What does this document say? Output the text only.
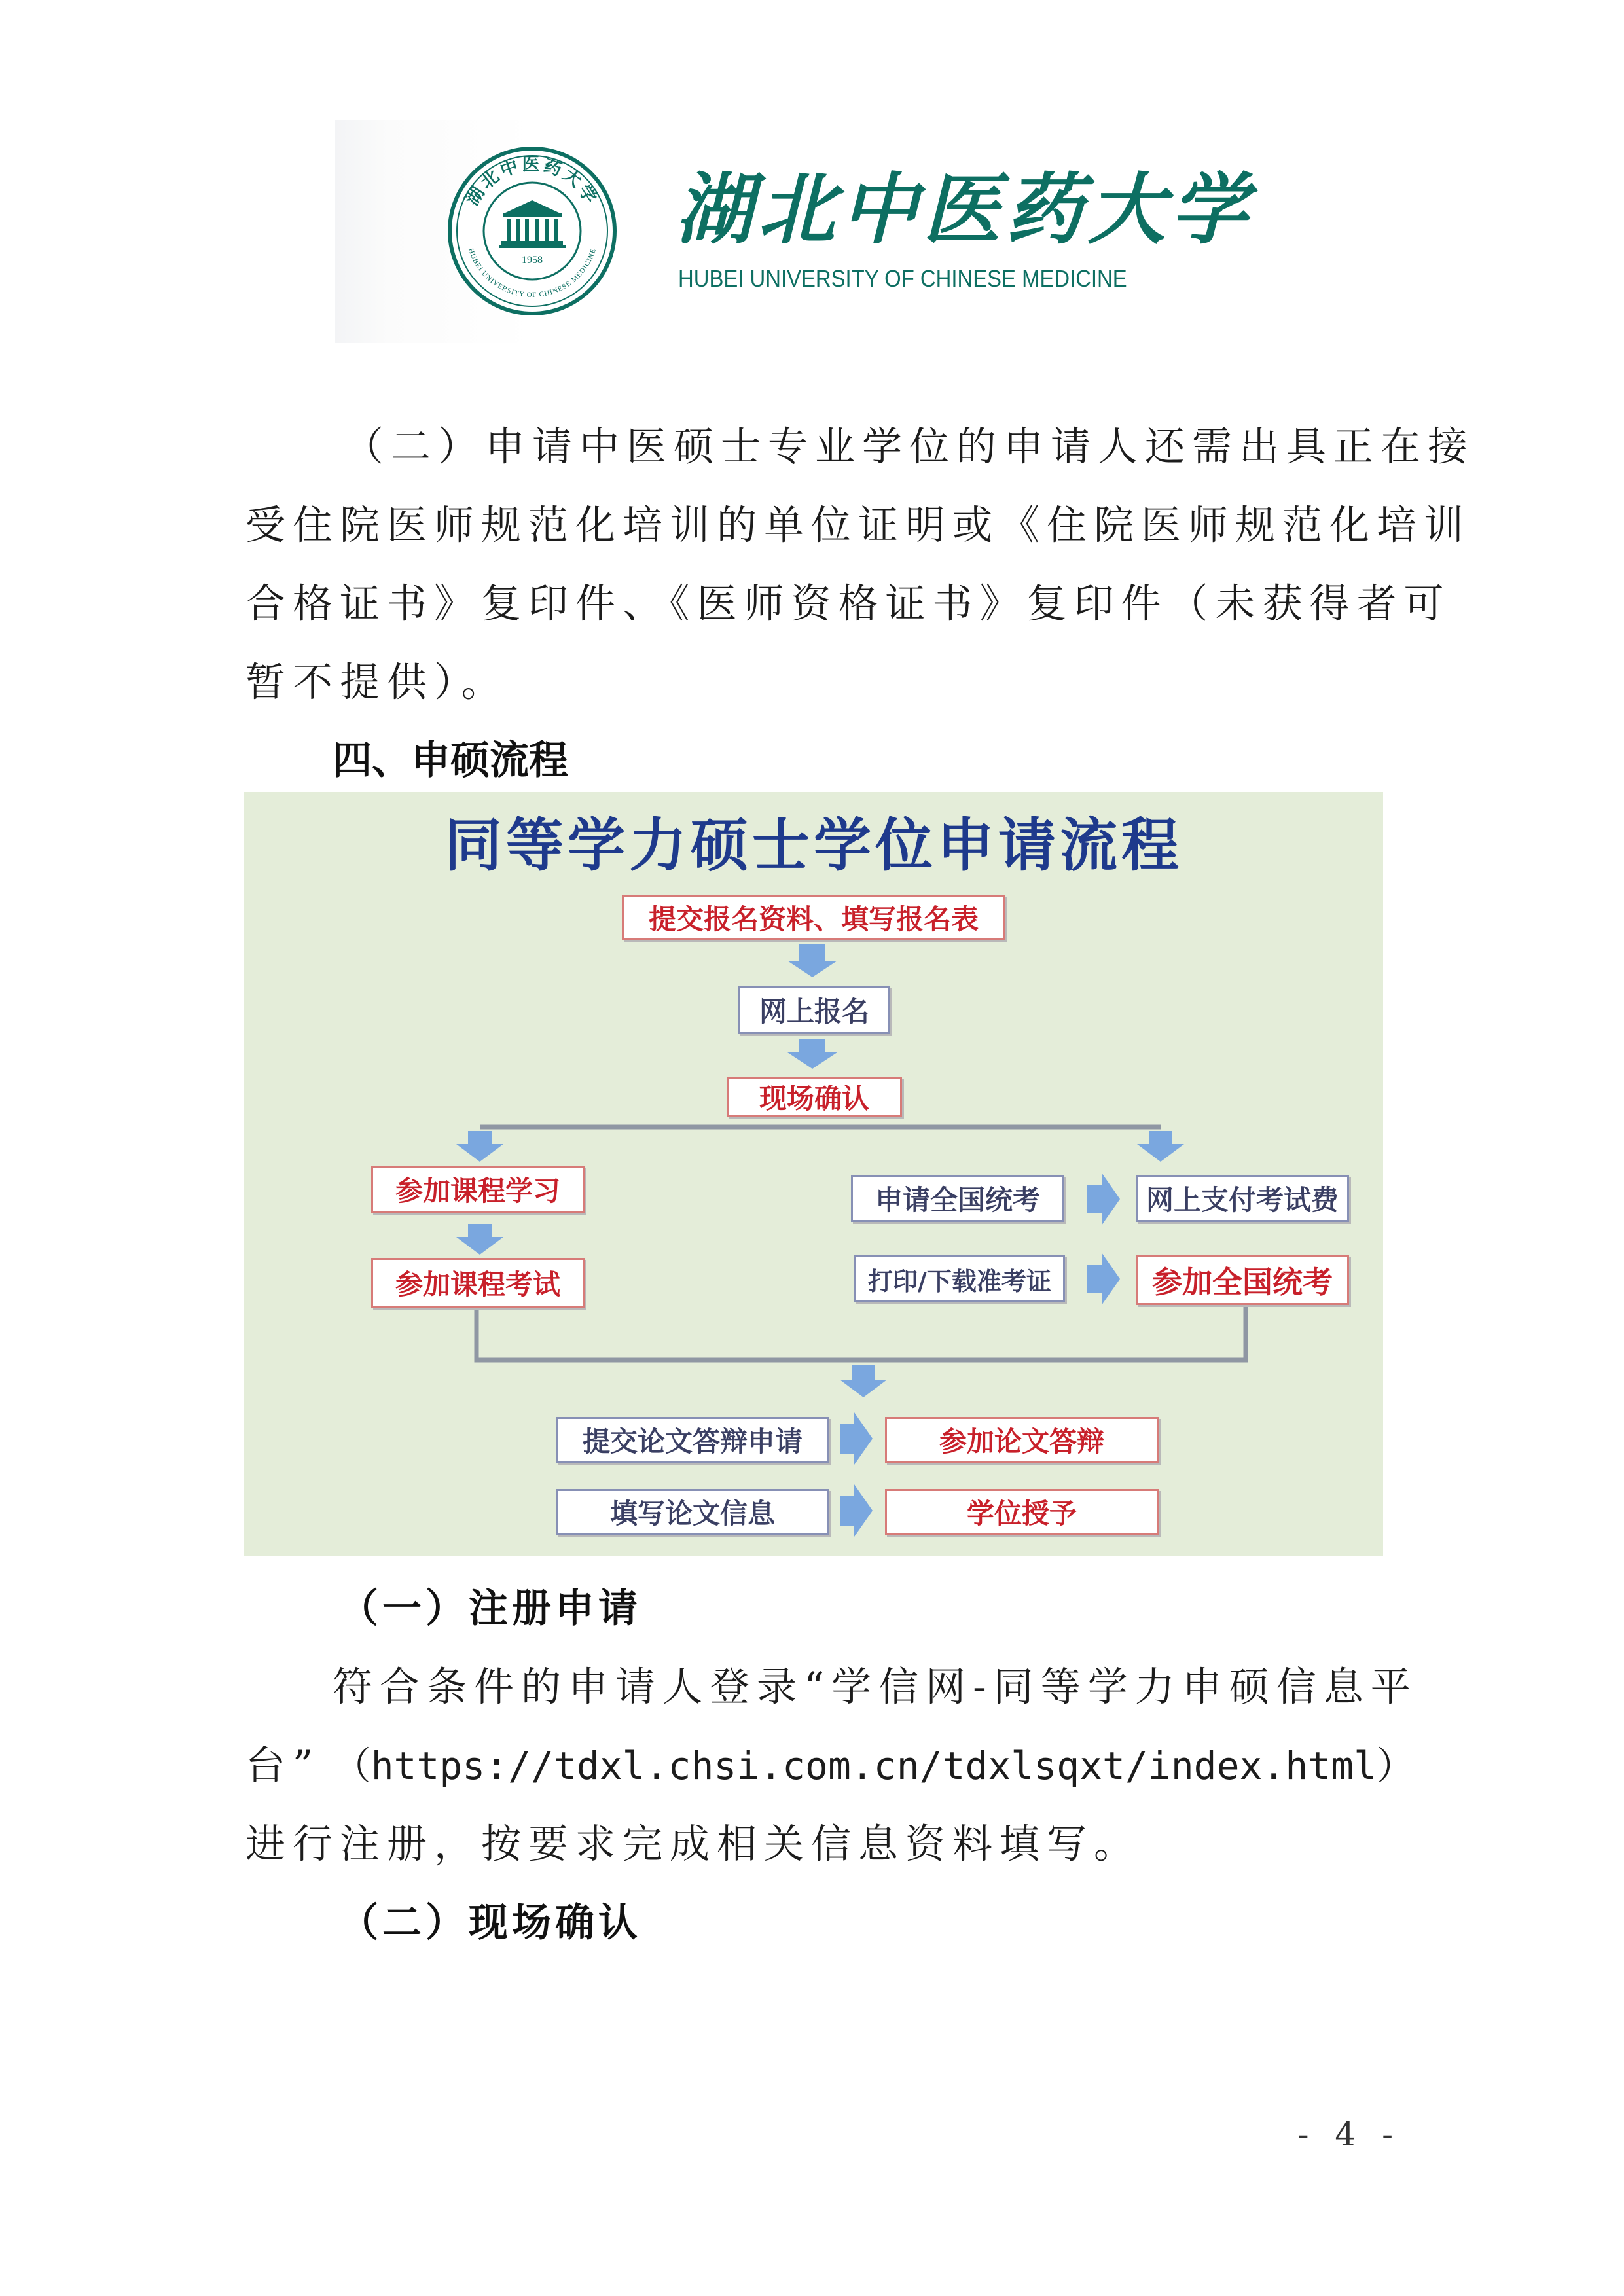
湖北中医药大学
HUBEI UNIVERSITY OF CHINESE MEDICINE
1958
湖北中医药大学
HUBEI UNIVERSITY OF CHINESE MEDICINE
（二）申请中医硕士专业学位的申请人还需出具正在接
受住院医师规范化培训的单位证明或《住院医师规范化培训
合格证书》复印件、《医师资格证书》复印件（未获得者可
暂不提供）。
四、申硕流程
同等学力硕士学位申请流程
提交报名资料、填写报名表
网上报名
现场确认
参加课程学习
参加课程考试
申请全国统考	网上支付考试费
打印/下载准考证	参加全国统考
提交论文答辩申请	参加论文答辩
填写论文信息	学位授予
（一）注册申请
符合条件的申请人登录“学信网-同等学力申硕信息平
台” （https://tdxl.chsi.com.cn/tdxlsqxt/index.html）
进行注册，按要求完成相关信息资料填写。
（二）现场确认
- 4 -
